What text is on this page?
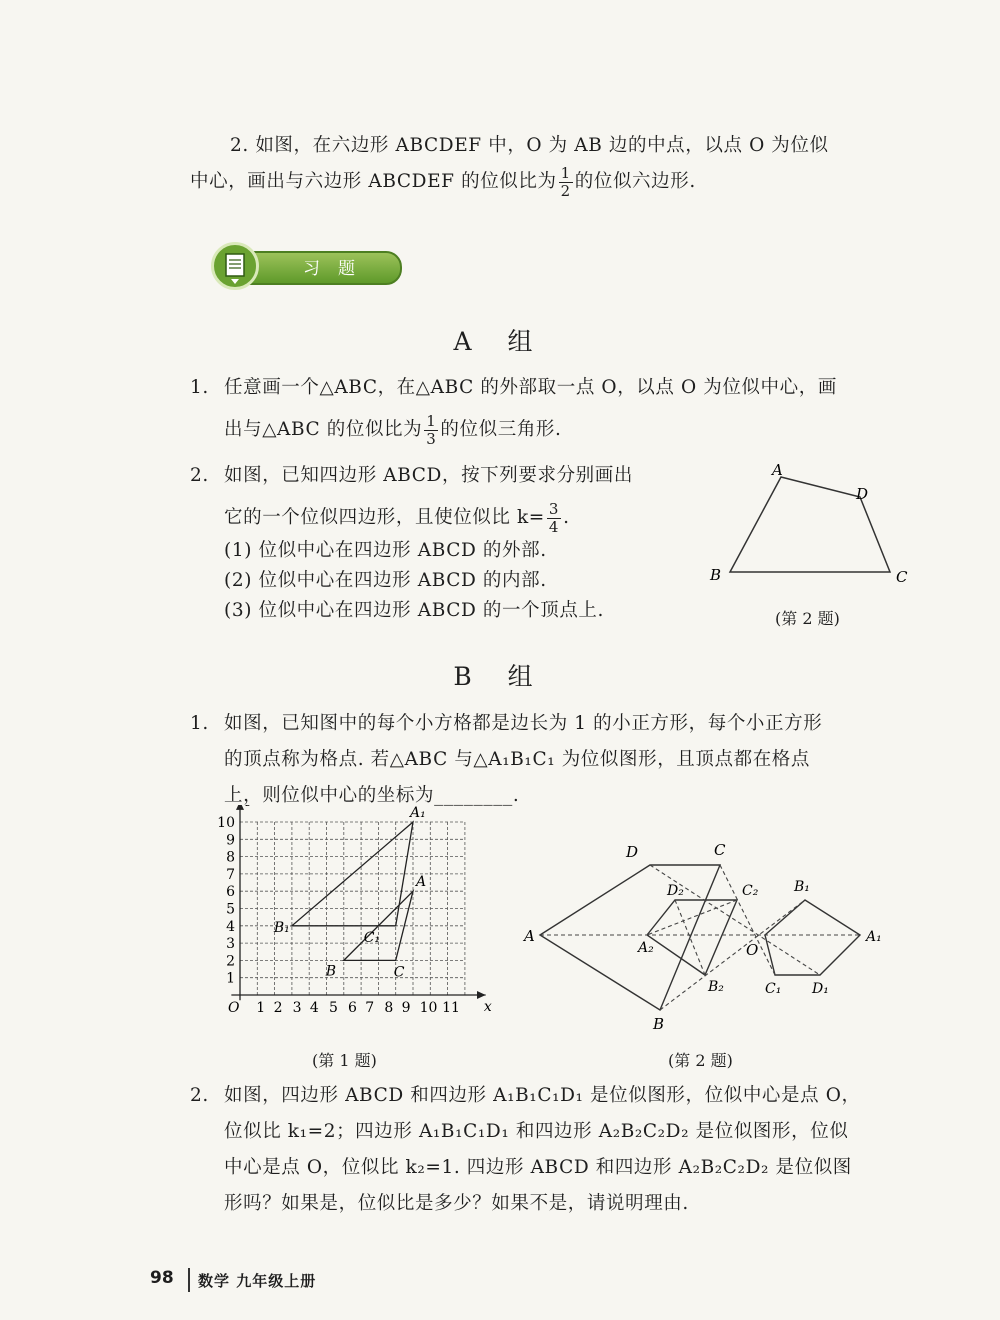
2. 如图，在六边形 ABCDEF 中，O 为 AB 边的中点，以点 O 为位似
中心，画出与六边形 ABCDEF 的位似比为 $\frac{1}{2}$ 的位似六边形.
习题
A 组
1. 任意画一个△ABC，在△ABC 的外部取一点 O，以点 O 为位似中心，画
出与△ABC 的位似比为 $\frac{1}{3}$ 的位似三角形.
2. 如图，已知四边形 ABCD，按下列要求分别画出
它的一个位似四边形，且使位似比 $k= \frac{3}{4}$ .
(1) 位似中心在四边形 ABCD 的外部.
(2) 位似中心在四边形 ABCD 的内部.
(3) 位似中心在四边形 ABCD 的一个顶点上.
A
D
B	C
(第 2 题)
B 组
1. 如图，已知图中的每个小方格都是边长为 1 的小正方形，每个小正方形
的顶点称为格点. 若△ABC 与△A₁B₁C₁ 为位似图形，且顶点都在格点
上，则位似中心的坐标为________.
x
O 1 2 3 4 5 6 7 8 9 10 11
1
2
3
4
5
6
7
8
9
10
A₁
A
B₁
C₁
B	C
(第 1 题)
A
D	C
B
D₂	C₂
A₂
B₂
O
B₁
A₁
C₁ D₁
(第 2 题)
2. 如图，四边形 ABCD 和四边形 A₁B₁C₁D₁ 是位似图形，位似中心是点 O，
位似比 k₁=2；四边形 A₁B₁C₁D₁ 和四边形 A₂B₂C₂D₂ 是位似图形，位似
中心是点 O，位似比 k₂=1. 四边形 ABCD 和四边形 A₂B₂C₂D₂ 是位似图
形吗？如果是，位似比是多少？如果不是，请说明理由.
98 数学 九年级上册
